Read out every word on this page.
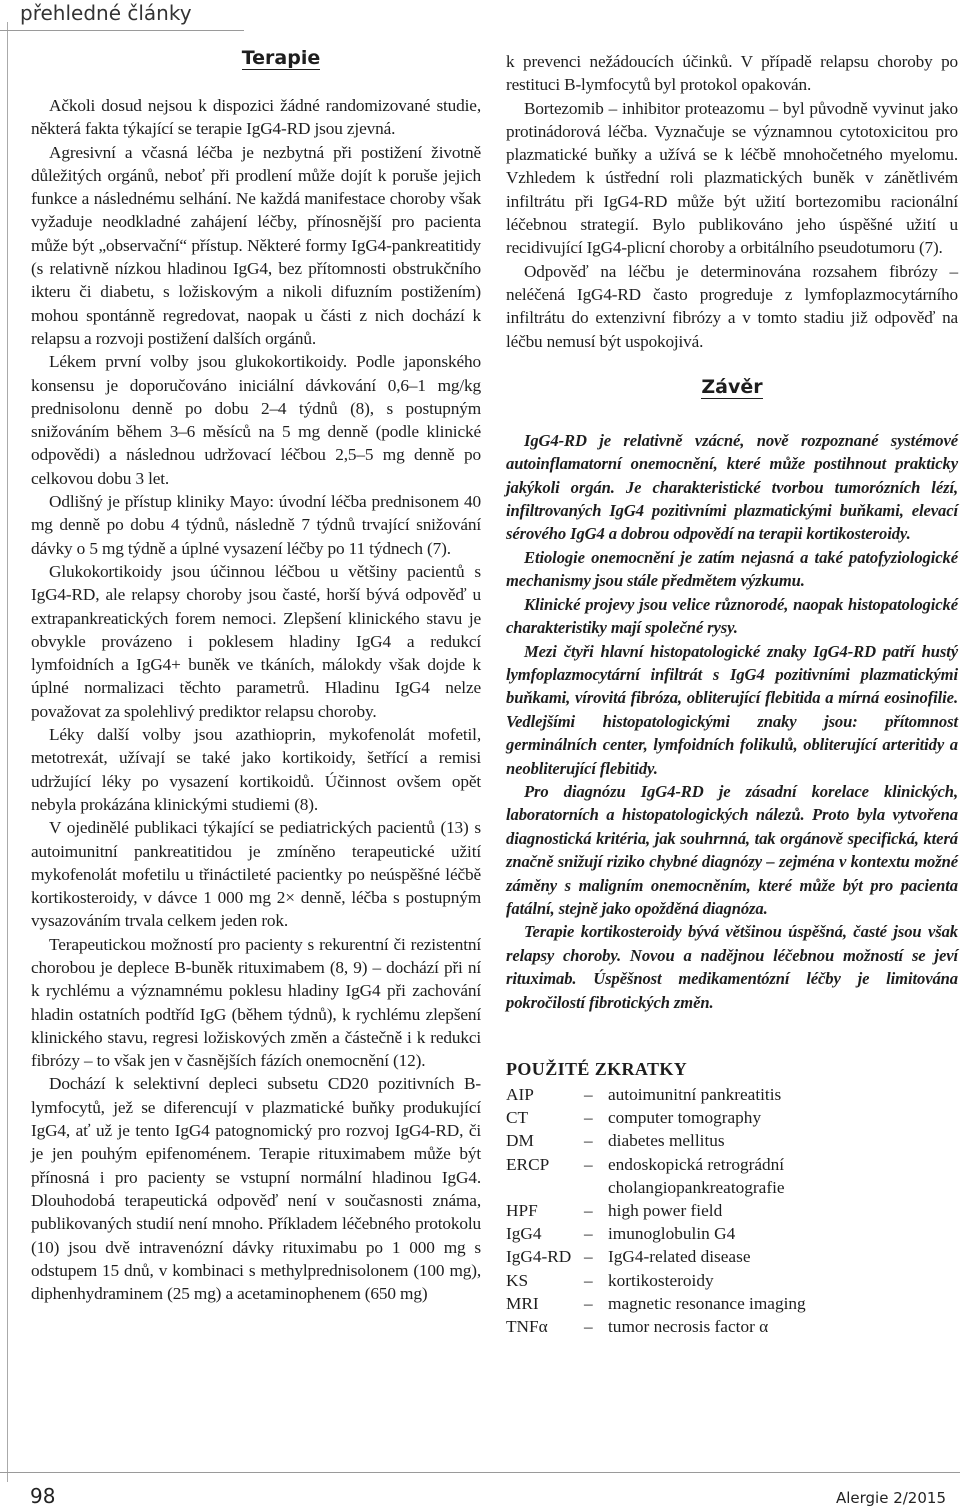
přehledné články
Terapie

Ačkoli dosud nejsou k dispozici žádné randomizované studie, některá fakta týkající se terapie IgG4-RD jsou zjevná.

Agresivní a včasná léčba je nezbytná při postižení životně důležitých orgánů, neboť při prodlení může dojít k poruše jejich funkce a následnému selhání. Ne každá manifestace choroby však vyžaduje neodkladné zahájení léčby, přínosnější pro pacienta může být „observační“ přístup. Některé formy IgG4-pankreatitidy (s relativně nízkou hladinou IgG4, bez přítomnosti obstrukčního ikteru či diabetu, s ložiskovým a nikoli difuzním postižením) mohou spontánně regredovat, naopak u části z nich dochází k relapsu a rozvoji postižení dalších orgánů.

Lékem první volby jsou glukokortikoidy. Podle japonského konsensu je doporučováno iniciální dávkování 0,6–1 mg/kg prednisolonu denně po dobu 2–4 týdnů (8), s postupným snižováním během 3–6 měsíců na 5 mg denně (podle klinické odpovědi) a následnou udržovací léčbou 2,5–5 mg denně po celkovou dobu 3 let.

Odlišný je přístup kliniky Mayo: úvodní léčba prednisonem 40 mg denně po dobu 4 týdnů, následně 7 týdnů trvající snižování dávky o 5 mg týdně a úplné vysazení léčby po 11 týdnech (7).

Glukokortikoidy jsou účinnou léčbou u většiny pacientů s IgG4-RD, ale relapsy choroby jsou časté, horší bývá odpověď u extrapankreatických forem nemoci. Zlepšení klinického stavu je obvykle provázeno i poklesem hladiny IgG4 a redukcí lymfoidních a IgG4+ buněk ve tkáních, málokdy však dojde k úplné normalizaci těchto parametrů. Hladinu IgG4 nelze považovat za spolehlivý prediktor relapsu choroby.

Léky další volby jsou azathioprin, mykofenolát mofetil, metotrexát, užívají se také jako kortikoidy, šetřící a remisi udržující léky po vysazení kortikoidů. Účinnost ovšem opět nebyla prokázána klinickými studiemi (8).

V ojedinělé publikaci týkající se pediatrických pacientů (13) s autoimunitní pankreatitidou je zmíněno terapeutické užití mykofenolát mofetilu u třináctileté pacientky po neúspěšné léčbě kortikosteroidy, v dávce 1 000 mg 2× denně, léčba s postupným vysazováním trvala celkem jeden rok.

Terapeutickou možností pro pacienty s rekurentní či rezistentní chorobou je deplece B-buněk rituximabem (8, 9) – dochází při ní k rychlému a významnému poklesu hladiny IgG4 při zachování hladin ostatních podtříd IgG (během týdnů), k rychlému zlepšení klinického stavu, regresi ložiskových změn a částečně i k redukci fibrózy – to však jen v časnějších fázích onemocnění (12).

Dochází k selektivní depleci subsetu CD20 pozitivních B-lymfocytů, jež se diferencují v plazmatické buňky produkující IgG4, ať už je tento IgG4 patognomický pro rozvoj IgG4-RD, či je jen pouhým epifenoménem. Terapie rituximabem může být přínosná i pro pacienty se vstupní normální hladinou IgG4. Dlouhodobá terapeutická odpověď není v současnosti známa, publikovaných studií není mnoho. Příkladem léčebného protokolu (10) jsou dvě intravenózní dávky rituximabu po 1 000 mg s odstupem 15 dnů, v kombinaci s methylprednisolonem (100 mg), diphenhydraminem (25 mg) a acetaminophenem (650 mg)

k prevenci nežádoucích účinků. V případě relapsu choroby po restituci B-lymfocytů byl protokol opakován.

Bortezomib – inhibitor proteazomu – byl původně vyvinut jako protinádorová léčba. Vyznačuje se významnou cytotoxicitou pro plazmatické buňky a užívá se k léčbě mnohočetného myelomu. Vzhledem k ústřední roli plazmatických buněk v zánětlivém infiltrátu při IgG4-RD může být užití bortezomibu racionální léčebnou strategií. Bylo publikováno jeho úspěšné užití u recidivující IgG4-plicní choroby a orbitálního pseudotumoru (7).

Odpověď na léčbu je determinována rozsahem fibrózy – neléčená IgG4-RD často progreduje z lymfoplazmocytárního infiltrátu do extenzivní fibrózy a v tomto stadiu již odpověď na léčbu nemusí být uspokojivá.

Závěr

IgG4-RD je relativně vzácné, nově rozpoznané systémové autoinflamatorní onemocnění, které může postihnout prakticky jakýkoli orgán. Je charakteristické tvorbou tumorózních lézí, infiltrovaných IgG4 pozitivními plazmatickými buňkami, elevací sérového IgG4 a dobrou odpovědí na terapii kortikosteroidy.

Etiologie onemocnění je zatím nejasná a také patofyziologické mechanismy jsou stále předmětem výzkumu.

Klinické projevy jsou velice různorodé, naopak histopatologické charakteristiky mají společné rysy.

Mezi čtyři hlavní histopatologické znaky IgG4-RD patří hustý lymfoplazmocytární infiltrát s IgG4 pozitivními plazmatickými buňkami, vírovitá fibróza, obliterující flebitida a mírná eosinofilie. Vedlejšími histopatologickými znaky jsou: přítomnost germinálních center, lymfoidních folikulů, obliterující arteritidy a neobliterující flebitidy.

Pro diagnózu IgG4-RD je zásadní korelace klinických, laboratorních a histopatologických nálezů. Proto byla vytvořena diagnostická kritéria, jak souhrnná, tak orgánově specifická, která značně snižují riziko chybné diagnózy – zejména v kontextu možné záměny s maligním onemocněním, které může být pro pacienta fatální, stejně jako opožděná diagnóza.

Terapie kortikosteroidy bývá většinou úspěšná, časté jsou však relapsy choroby. Novou a nadějnou léčebnou možností se jeví rituximab. Úspěšnost medikamentózní léčby je limitována pokročilostí fibrotických změn.

POUŽITÉ ZKRATKY
AIP	– autoimunitní pankreatitis
CT	– computer tomography
DM	– diabetes mellitus
ERCP	– endoskopická retrográdní cholangiopankreatografie
HPF	– high power field
IgG4	– imunoglobulin G4
IgG4-RD – IgG4-related disease
KS	– kortikosteroidy
MRI	– magnetic resonance imaging
TNFα	– tumor necrosis factor α
98	Alergie 2/2015
